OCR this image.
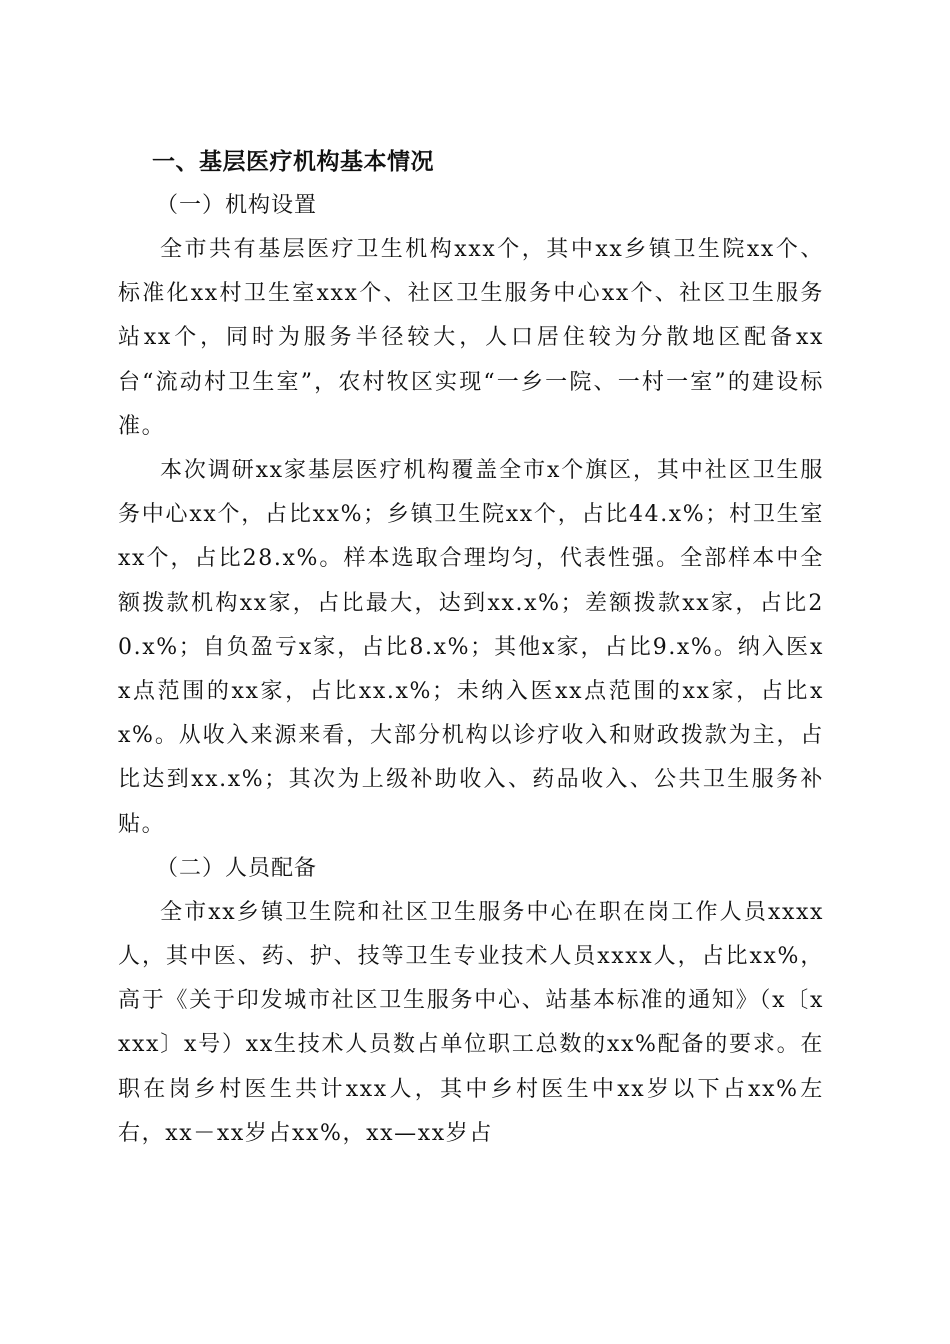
一、基层医疗机构基本情况
（一）机构设置

全市共有基层医疗卫生机构xxx个，其中xx乡镇卫生院xx个、标准化xx村卫生室xxx个、社区卫生服务中心xx个、社区卫生服务站xx个，同时为服务半径较大，人口居住较为分散地区配备xx台“流动村卫生室”，农村牧区实现“一乡一院、一村一室”的建设标准。

本次调研xx家基层医疗机构覆盖全市x个旗区，其中社区卫生服务中心xx个，占比xx%；乡镇卫生院xx个，占比44.x%；村卫生室xx个，占比28.x%。样本选取合理均匀，代表性强。全部样本中全额拨款机构xx家，占比最大，达到xx.x%；差额拨款xx家，占比20.x%；自负盈亏x家，占比8.x%；其他x家，占比9.x%。纳入医xx点范围的xx家，占比xx.x%；未纳入医xx点范围的xx家，占比xx%。从收入来源来看，大部分机构以诊疗收入和财政拨款为主，占比达到xx.x%；其次为上级补助收入、药品收入、公共卫生服务补贴。

（二）人员配备

全市xx乡镇卫生院和社区卫生服务中心在职在岗工作人员xxxx人，其中医、药、护、技等卫生专业技术人员xxxx人，占比xx%，高于《关于印发城市社区卫生服务中心、站基本标准的通知》（x〔xxxx〕x号）xx生技术人员数占单位职工总数的xx%配备的要求。在职在岗乡村医生共计xxx人，其中乡村医生中xx岁以下占xx%左右，xx－xx岁占xx%，xx—xx岁占
